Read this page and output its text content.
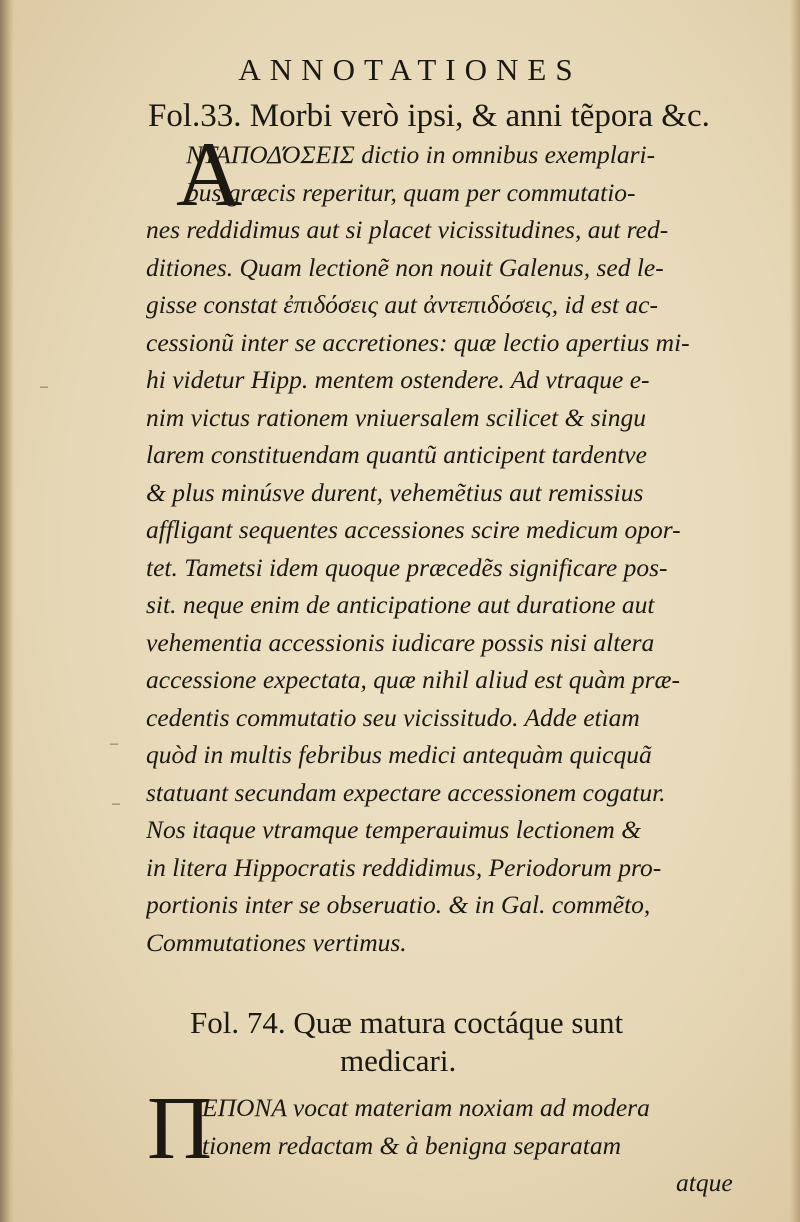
ANNOTATIONES
Fol.33. Morbi verò ipsi, & anni tẽpora &c.
A
ΝΤΑΠΟΔΌΣΕΙΣ dictio in omnibus exemplari-
bus græcis reperitur, quam per commutatio-
nes reddidimus aut si placet vicissitudines, aut red-
ditiones. Quam lectionẽ non nouit Galenus, sed le-
gisse constat ἐπιδόσεις aut ἀντεπιδόσεις, id est ac-
cessionũ inter se accretiones: quæ lectio apertius mi-
hi videtur Hipp. mentem ostendere. Ad vtraque e-
nim victus rationem vniuersalem scilicet & singu
larem constituendam quantũ anticipent tardentve
& plus minúsve durent, vehemẽtius aut remissius
affligant sequentes accessiones scire medicum opor-
tet. Tametsi idem quoque præcedẽs significare pos-
sit. neque enim de anticipatione aut duratione aut
vehementia accessionis iudicare possis nisi altera
accessione expectata, quæ nihil aliud est quàm præ-
cedentis commutatio seu vicissitudo. Adde etiam
quòd in multis febribus medici antequàm quicquã
statuant secundam expectare accessionem cogatur.
Nos itaque vtramque temperauimus lectionem &
in litera Hippocratis reddidimus, Periodorum pro-
portionis inter se obseruatio. & in Gal. commẽto,
Commutationes vertimus.
Fol. 74. Quæ matura coctáque sunt
medicari.
Π
ΕΠΟΝΑ vocat materiam noxiam ad modera
tionem redactam & à benigna separatam
atque
‒
‒
‒
